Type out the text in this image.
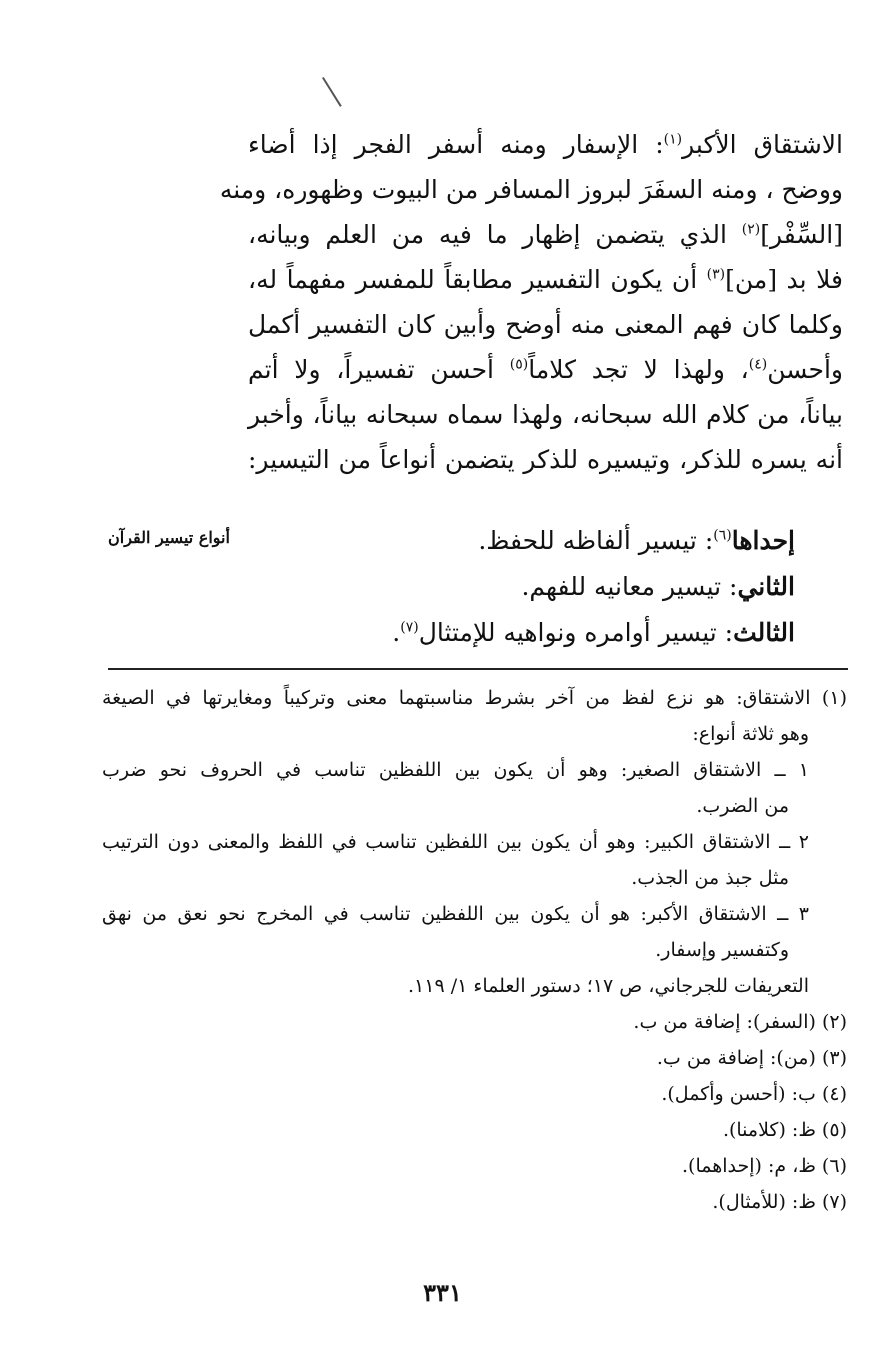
الاشتقاق الأكبر$^{(١)}$: الإسفار ومنه أسفر الفجر إذا أضاء
ووضح ، ومنه السفَرَ لبروز المسافر من البيوت وظهوره، ومنه
[السِّفْر]$^{(٢)}$ الذي يتضمن إظهار ما فيه من العلم وبيانه،
فلا بد [من]$^{(٣)}$ أن يكون التفسير مطابقاً للمفسر مفهماً له،
وكلما كان فهم المعنى منه أوضح وأبين كان التفسير أكمل
وأحسن$^{(٤)}$، ولهذا لا تجد كلاماً$^{(٥)}$ أحسن تفسيراً، ولا أتم
بياناً، من كلام الله سبحانه، ولهذا سماه سبحانه بياناً، وأخبر
أنه يسره للذكر، وتيسيره للذكر يتضمن أنواعاً من التيسير:
إحداها$^{(٦)}$: تيسير ألفاظه للحفظ.
الثاني: تيسير معانيه للفهم.
الثالث: تيسير أوامره ونواهيه للإمتثال$^{(٧)}$.
أنواع تيسير القرآن
(١) الاشتقاق: هو نزع لفظ من آخر بشرط مناسبتهما معنى وتركيباً ومغايرتها في الصيغة
وهو ثلاثة أنواع:
١ ــ الاشتقاق الصغير: وهو أن يكون بين اللفظين تناسب في الحروف نحو ضرب
من الضرب.
٢ ــ الاشتقاق الكبير: وهو أن يكون بين اللفظين تناسب في اللفظ والمعنى دون الترتيب
مثل جبذ من الجذب.
٣ ــ الاشتقاق الأكبر: هو أن يكون بين اللفظين تناسب في المخرج نحو نعق من نهق
وكتفسير وإسفار.
التعريفات للجرجاني، ص ١٧؛ دستور العلماء ١/ ١١٩.
(٢) (السفر): إضافة من ب.
(٣) (من): إضافة من ب.
(٤) ب: (أحسن وأكمل).
(٥) ظ: (كلامنا).
(٦) ظ، م: (إحداهما).
(٧) ظ: (للأمثال).
٣٣١
